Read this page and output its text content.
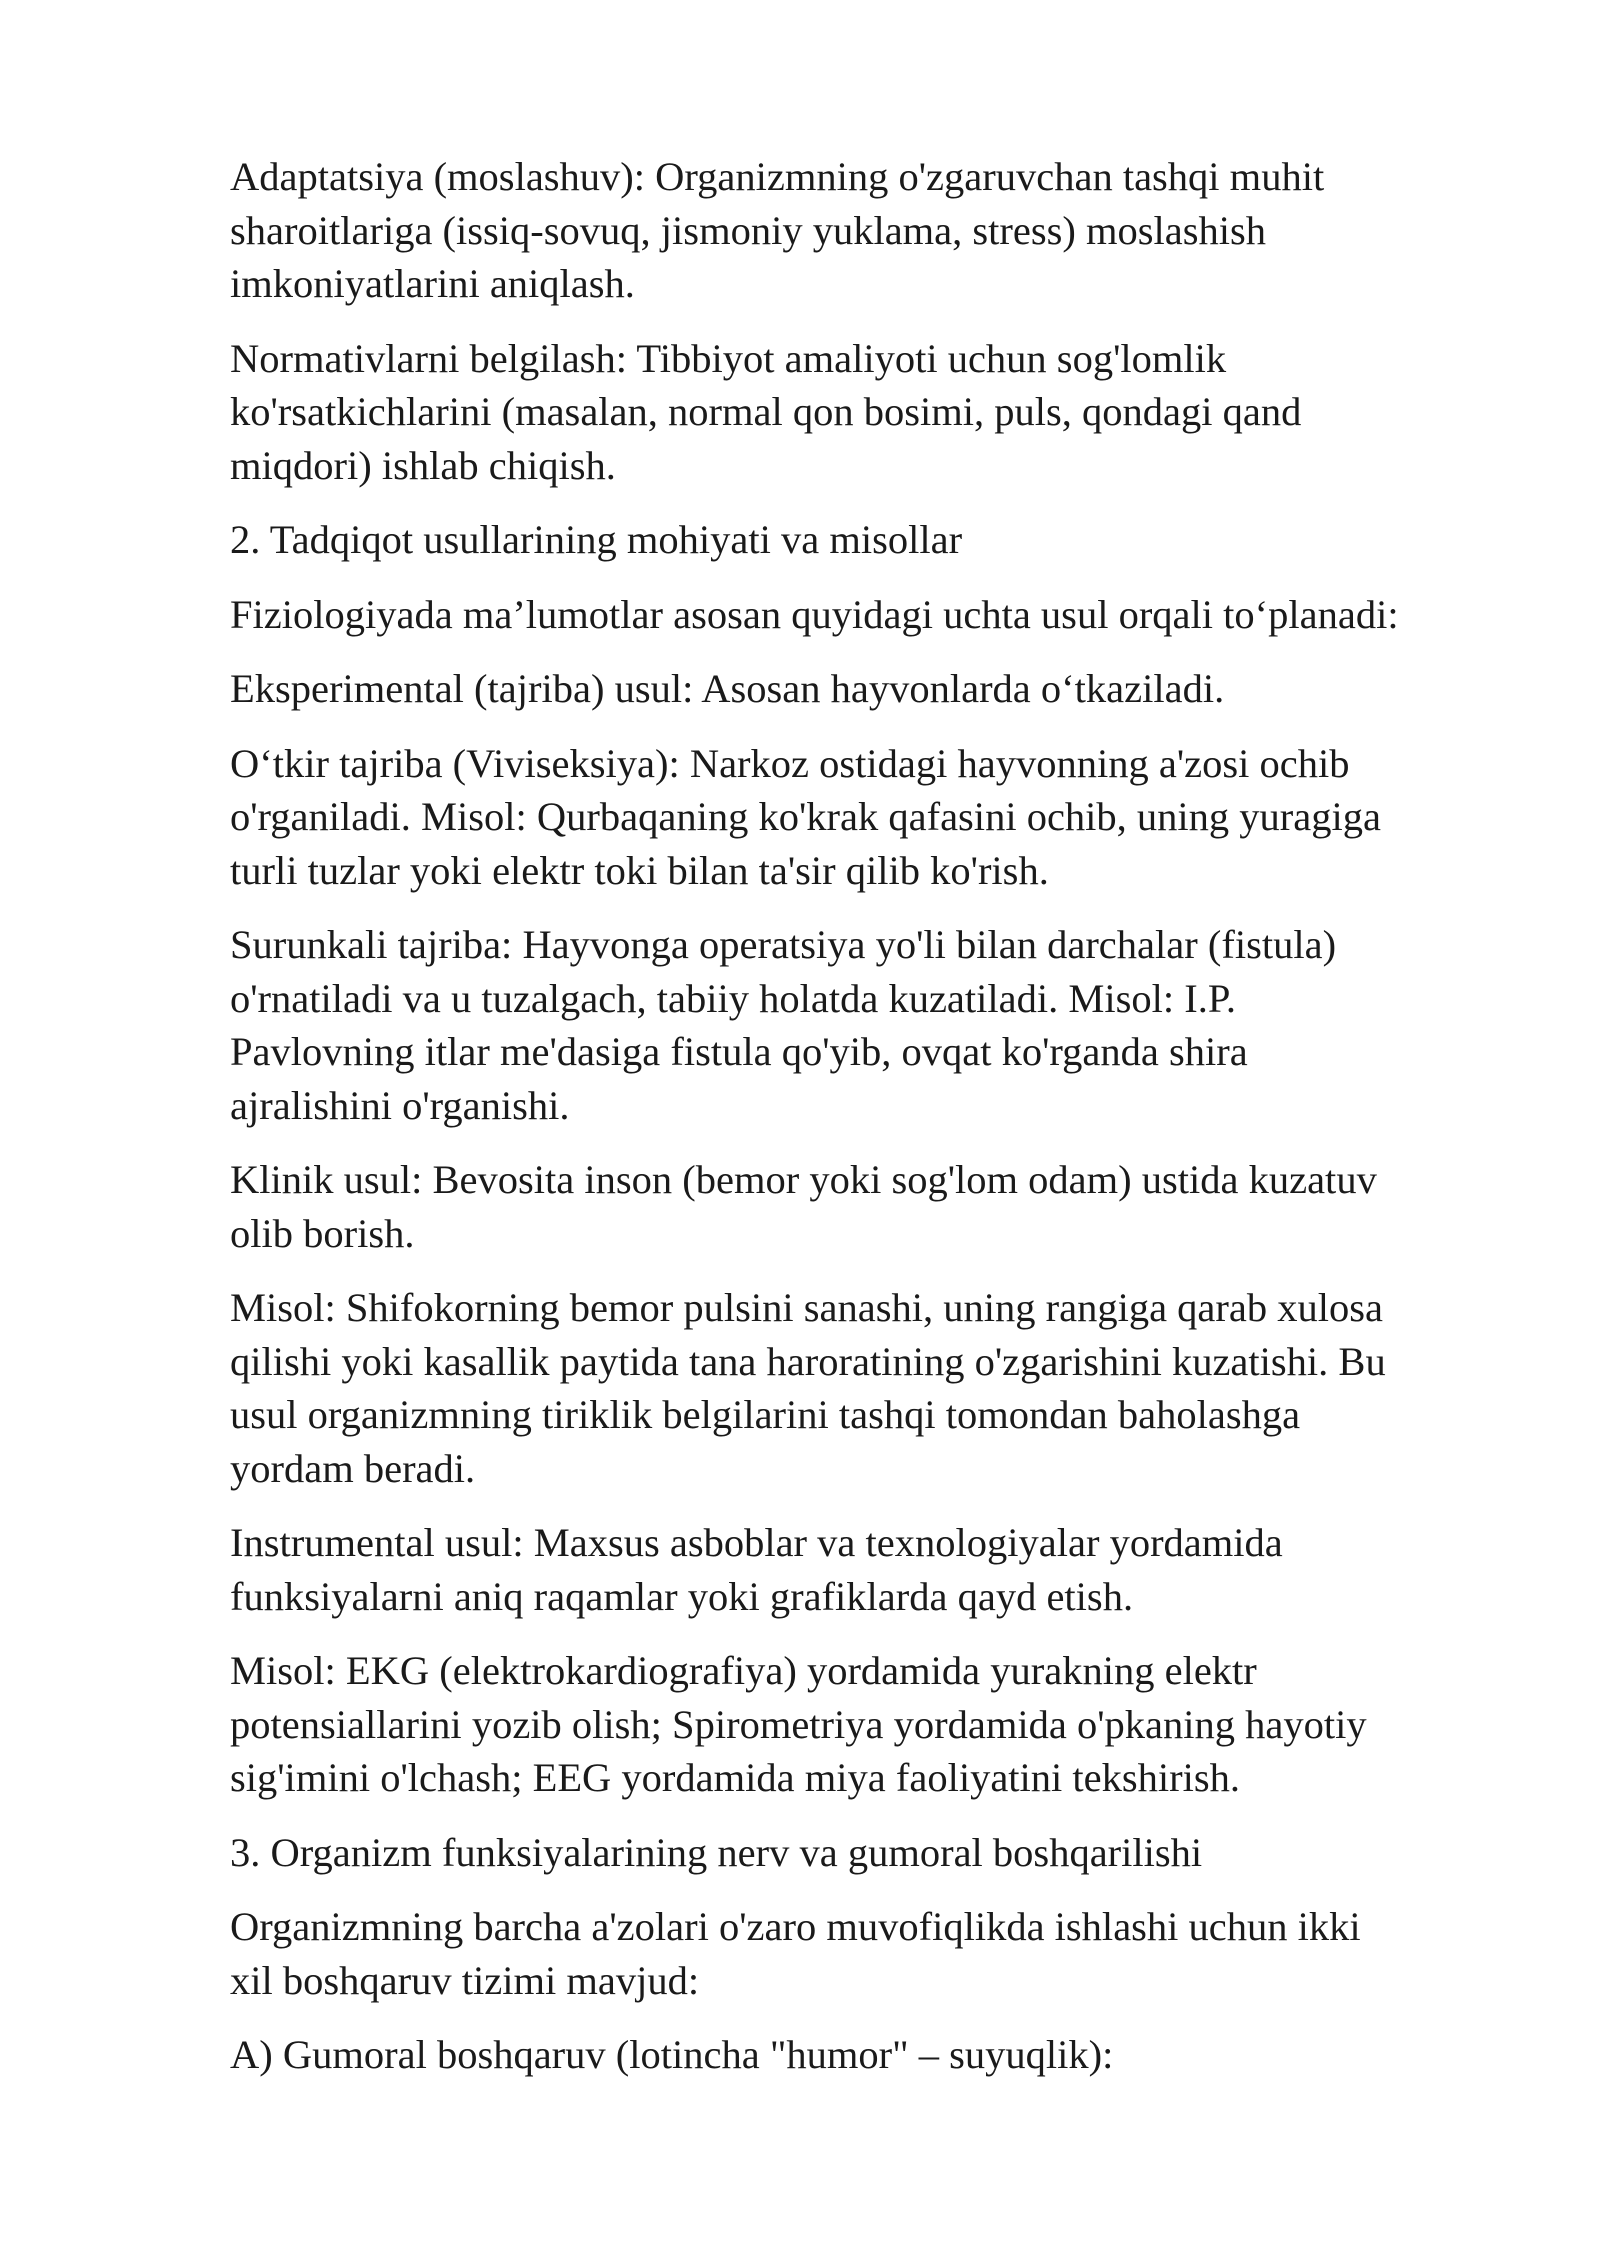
Adaptatsiya (moslashuv): Organizmning o'zgaruvchan tashqi muhit
sharoitlariga (issiq-sovuq, jismoniy yuklama, stress) moslashish
imkoniyatlarini aniqlash.

Normativlarni belgilash: Tibbiyot amaliyoti uchun sog'lomlik
ko'rsatkichlarini (masalan, normal qon bosimi, puls, qondagi qand
miqdori) ishlab chiqish.

2. Tadqiqot usullarining mohiyati va misollar

Fiziologiyada ma’lumotlar asosan quyidagi uchta usul orqali to‘planadi:

Eksperimental (tajriba) usul: Asosan hayvonlarda o‘tkaziladi.

O‘tkir tajriba (Viviseksiya): Narkoz ostidagi hayvonning a'zosi ochib
o'rganiladi. Misol: Qurbaqaning ko'krak qafasini ochib, uning yuragiga
turli tuzlar yoki elektr toki bilan ta'sir qilib ko'rish.

Surunkali tajriba: Hayvonga operatsiya yo'li bilan darchalar (fistula)
o'rnatiladi va u tuzalgach, tabiiy holatda kuzatiladi. Misol: I.P.
Pavlovning itlar me'dasiga fistula qo'yib, ovqat ko'rganda shira
ajralishini o'rganishi.

Klinik usul: Bevosita inson (bemor yoki sog'lom odam) ustida kuzatuv
olib borish.

Misol: Shifokorning bemor pulsini sanashi, uning rangiga qarab xulosa
qilishi yoki kasallik paytida tana haroratining o'zgarishini kuzatishi. Bu
usul organizmning tiriklik belgilarini tashqi tomondan baholashga
yordam beradi.

Instrumental usul: Maxsus asboblar va texnologiyalar yordamida
funksiyalarni aniq raqamlar yoki grafiklarda qayd etish.

Misol: EKG (elektrokardiografiya) yordamida yurakning elektr
potensiallarini yozib olish; Spirometriya yordamida o'pkaning hayotiy
sig'imini o'lchash; EEG yordamida miya faoliyatini tekshirish.

3. Organizm funksiyalarining nerv va gumoral boshqarilishi

Organizmning barcha a'zolari o'zaro muvofiqlikda ishlashi uchun ikki
xil boshqaruv tizimi mavjud:

A) Gumoral boshqaruv (lotincha "humor" – suyuqlik):
